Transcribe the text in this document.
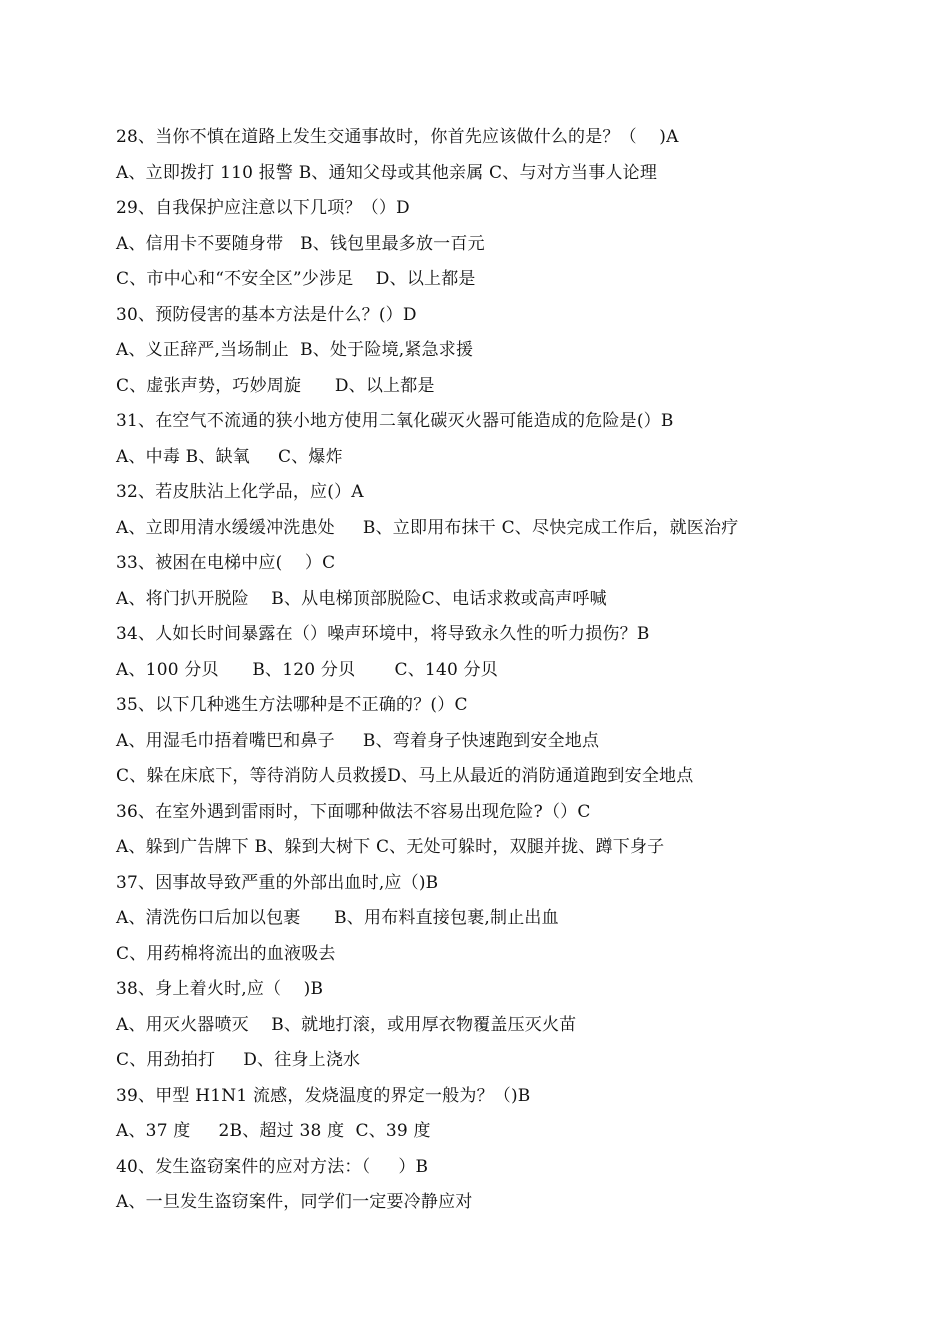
28、当你不慎在道路上发生交通事故时，你首先应该做什么的是？（    )A
A、立即拨打 110 报警 B、通知父母或其他亲属 C、与对方当事人论理
29、自我保护应注意以下几项？（）D
A、信用卡不要随身带   B、钱包里最多放一百元
C、市中心和“不安全区”少涉足    D、以上都是
30、预防侵害的基本方法是什么？(）D
A、义正辞严,当场制止  B、处于险境,紧急求援
C、虚张声势，巧妙周旋      D、以上都是
31、在空气不流通的狭小地方使用二氧化碳灭火器可能造成的危险是(）B
A、中毒 B、缺氧     C、爆炸
32、若皮肤沾上化学品，应(）A
A、立即用清水缓缓冲洗患处     B、立即用布抹干 C、尽快完成工作后，就医治疗
33、被困在电梯中应(    ）C
A、将门扒开脱险    B、从电梯顶部脱险C、电话求救或高声呼喊
34、人如长时间暴露在（）噪声环境中，将导致永久性的听力损伤？B
A、100 分贝      B、120 分贝       C、140 分贝
35、以下几种逃生方法哪种是不正确的？(）C
A、用湿毛巾捂着嘴巴和鼻子     B、弯着身子快速跑到安全地点
C、躲在床底下，等待消防人员救援D、马上从最近的消防通道跑到安全地点
36、在室外遇到雷雨时，下面哪种做法不容易出现危险?（）C
A、躲到广告牌下 B、躲到大树下 C、无处可躲时，双腿并拢、蹲下身子
37、因事故导致严重的外部出血时,应（)B
A、清洗伤口后加以包裹      B、用布料直接包裹,制止出血
C、用药棉将流出的血液吸去
38、身上着火时,应（    )B
A、用灭火器喷灭    B、就地打滚，或用厚衣物覆盖压灭火苗
C、用劲拍打     D、往身上浇水
39、甲型 H1N1 流感，发烧温度的界定一般为？（)B
A、37 度     2B、超过 38 度  C、39 度
40、发生盗窃案件的应对方法：（     ）B
A、一旦发生盗窃案件，同学们一定要冷静应对
